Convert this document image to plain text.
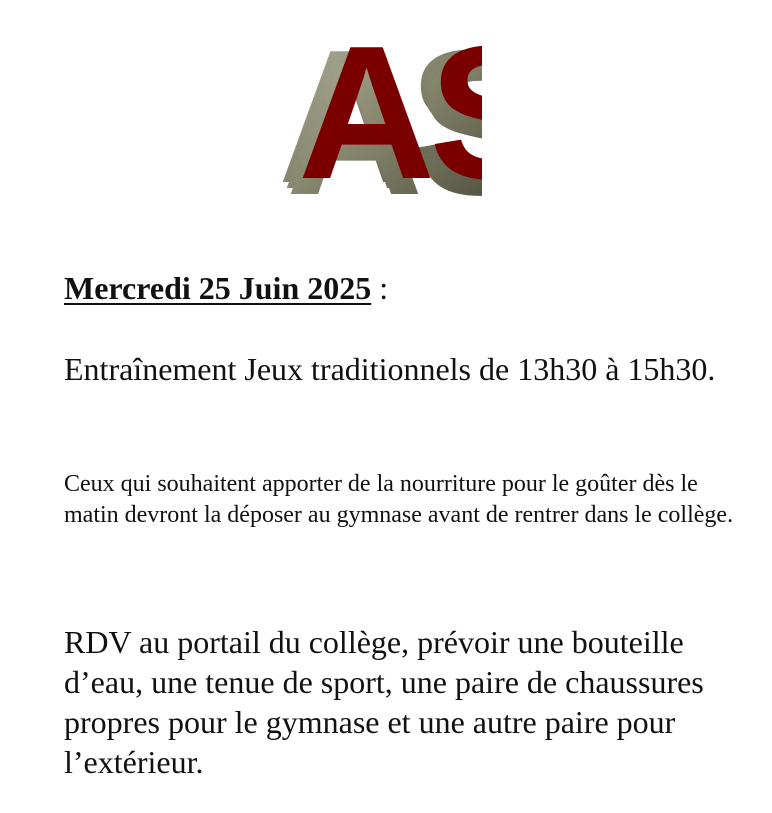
AS
AS
AS
A
Mercredi 25 Juin 2025 :
Entraînement Jeux traditionnels de 13h30 à 15h30.
Ceux qui souhaitent apporter de la nourriture pour le goûter dès le matin devront la déposer au gymnase avant de rentrer dans le collège.
RDV au portail du collège, prévoir une bouteille d’eau, une tenue de sport, une paire de chaussures propres pour le gymnase et une autre paire pour l’extérieur.
